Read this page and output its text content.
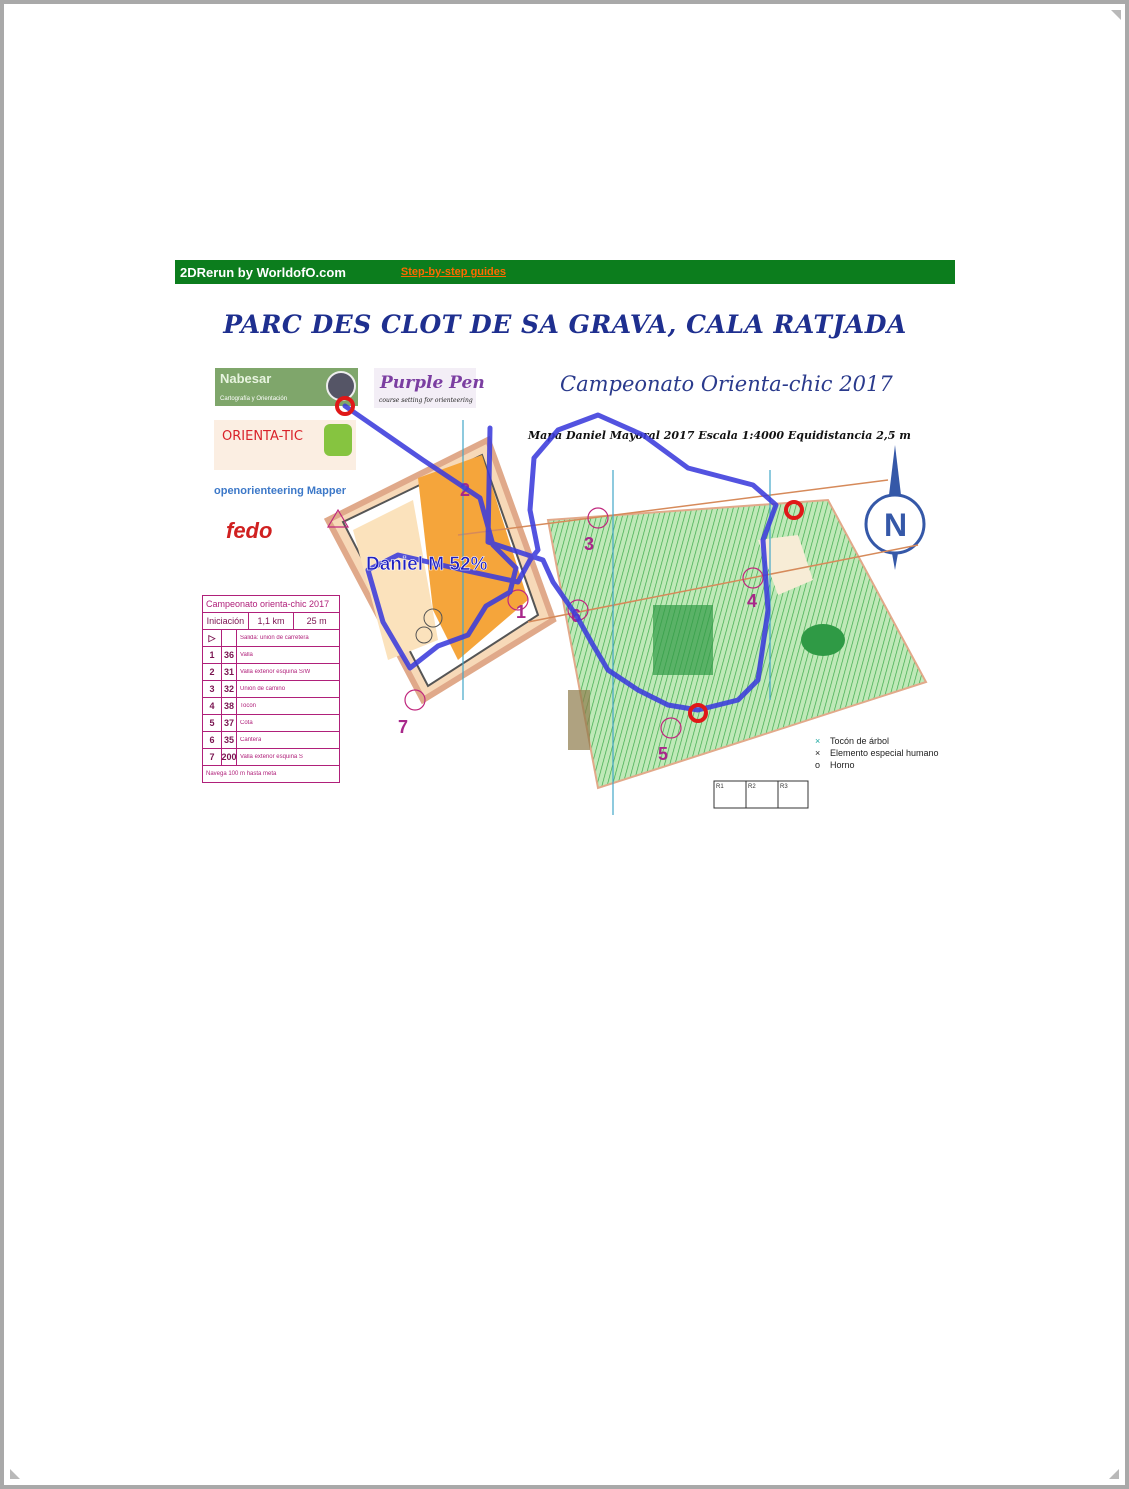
2DRerun by WorldofO.com	Step-by-step guides
PARC DES CLOT DE SA GRAVA, CALA RATJADA
Nabesar
Cartografía y Orientación
Purple Pen
course setting for orienteering
ORIENTA-TIC
openorienteering Mapper
fedo
Campeonato Orienta-chic 2017
Mapa Daniel Mayoral 2017 Escala 1:4000 Equidistancia 2,5 m
N
1
2
3
4
5
6
7
Daniel M 52%
× Tocón de árbol
× Elemento especial humano
o Horno
R1	R2	R3
Campeonato orienta-chic 2017
Iniciación	1,1 km	25 m
▷	Salida: unión de carretera
1	36	Valla
2	31	Valla exterior esquina S/W
3	32	Unión de camino
4	38	Tocón
5	37	Cota
6	35	Cantera
7 200 Valla exterior esquina S
Navega 100 m hasta meta
